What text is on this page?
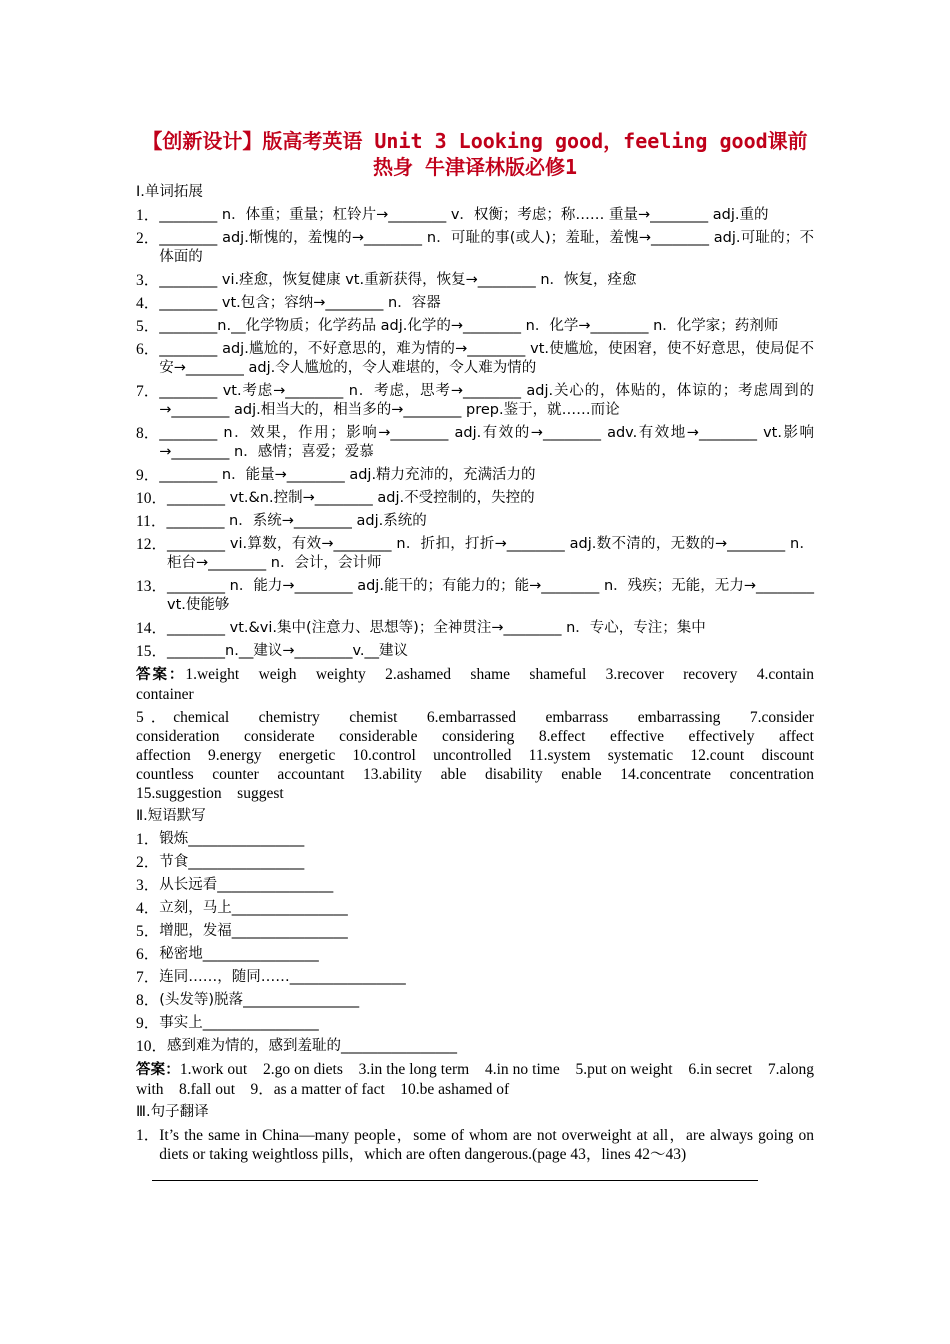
【创新设计】版高考英语 Unit 3 Looking good，feeling good课前
热身 牛津译林版必修1
Ⅰ.单词拓展
1． ________ n．体重；重量；杠铃片→________ v．权衡；考虑；称…… 重量→________ adj.重的
2． ________ adj.惭愧的，羞愧的→________ n．可耻的事(或人)；羞耻，羞愧→________ adj.可耻的；不体面的
3． ________ vi.痊愈，恢复健康 vt.重新获得，恢复→________ n．恢复，痊愈
4． ________ vt.包含；容纳→________ n．容器
5． ________n.__化学物质；化学药品 adj.化学的→________ n．化学→________ n．化学家；药剂师
6． ________ adj.尴尬的，不好意思的，难为情的→________ vt.使尴尬，使困窘，使不好意思，使局促不安→________ adj.令人尴尬的，令人难堪的，令人难为情的
7． ________ vt.考虑→________ n．考虑，思考→________ adj.关心的，体贴的，体谅的；考虑周到的→________ adj.相当大的，相当多的→________ prep.鉴于，就……而论
8． ________ n．效果，作用；影响→________ adj.有效的→________ adv.有效地→________ vt.影响→________ n．感情；喜爱；爱慕
9． ________ n．能量→________ adj.精力充沛的，充满活力的
10． ________ vt.&n.控制→________ adj.不受控制的，失控的
11． ________ n．系统→________ adj.系统的
12． ________ vi.算数，有效→________ n．折扣，打折→________ adj.数不清的，无数的→________ n．柜台→________ n．会计，会计师
13． ________ n．能力→________ adj.能干的；有能力的；能→________ n．残疾；无能，无力→________ vt.使能够
14． ________ vt.&vi.集中(注意力、思想等)；全神贯注→________ n．专心，专注；集中
15． ________n.__建议→________v.__建议
答案：1.weight　weigh　weighty　2.ashamed　shame　shameful　3.recover　recovery　4.contain　container
5．chemical　chemistry　chemist　6.embarrassed　embarrass　embarrassing　7.consider　consideration　considerate　considerable　considering　8.effect　effective　effectively　affect　affection　9.energy　energetic　10.control　uncontrolled　11.system　systematic　12.count　discount　countless　counter　accountant　13.ability　able　disability　enable　14.concentrate　concentration　15.suggestion　suggest
Ⅱ.短语默写
1． 锻炼________________
2． 节食________________
3． 从长远看________________
4． 立刻，马上________________
5． 增肥，发福________________
6． 秘密地________________
7． 连同……，随同……________________
8． (头发等)脱落________________
9． 事实上________________
10． 感到难为情的，感到羞耻的________________
答案：1.work out　2.go on diets　3.in the long term　4.in no time　5.put on weight　6.in secret　7.along with　8.fall out　9．as a matter of fact　10.be ashamed of
Ⅲ.句子翻译
1． It’s the same in China—many people，some of whom are not overweight at all，are always going on diets or taking weightloss pills，which are often dangerous.(page 43，lines 42～43)
